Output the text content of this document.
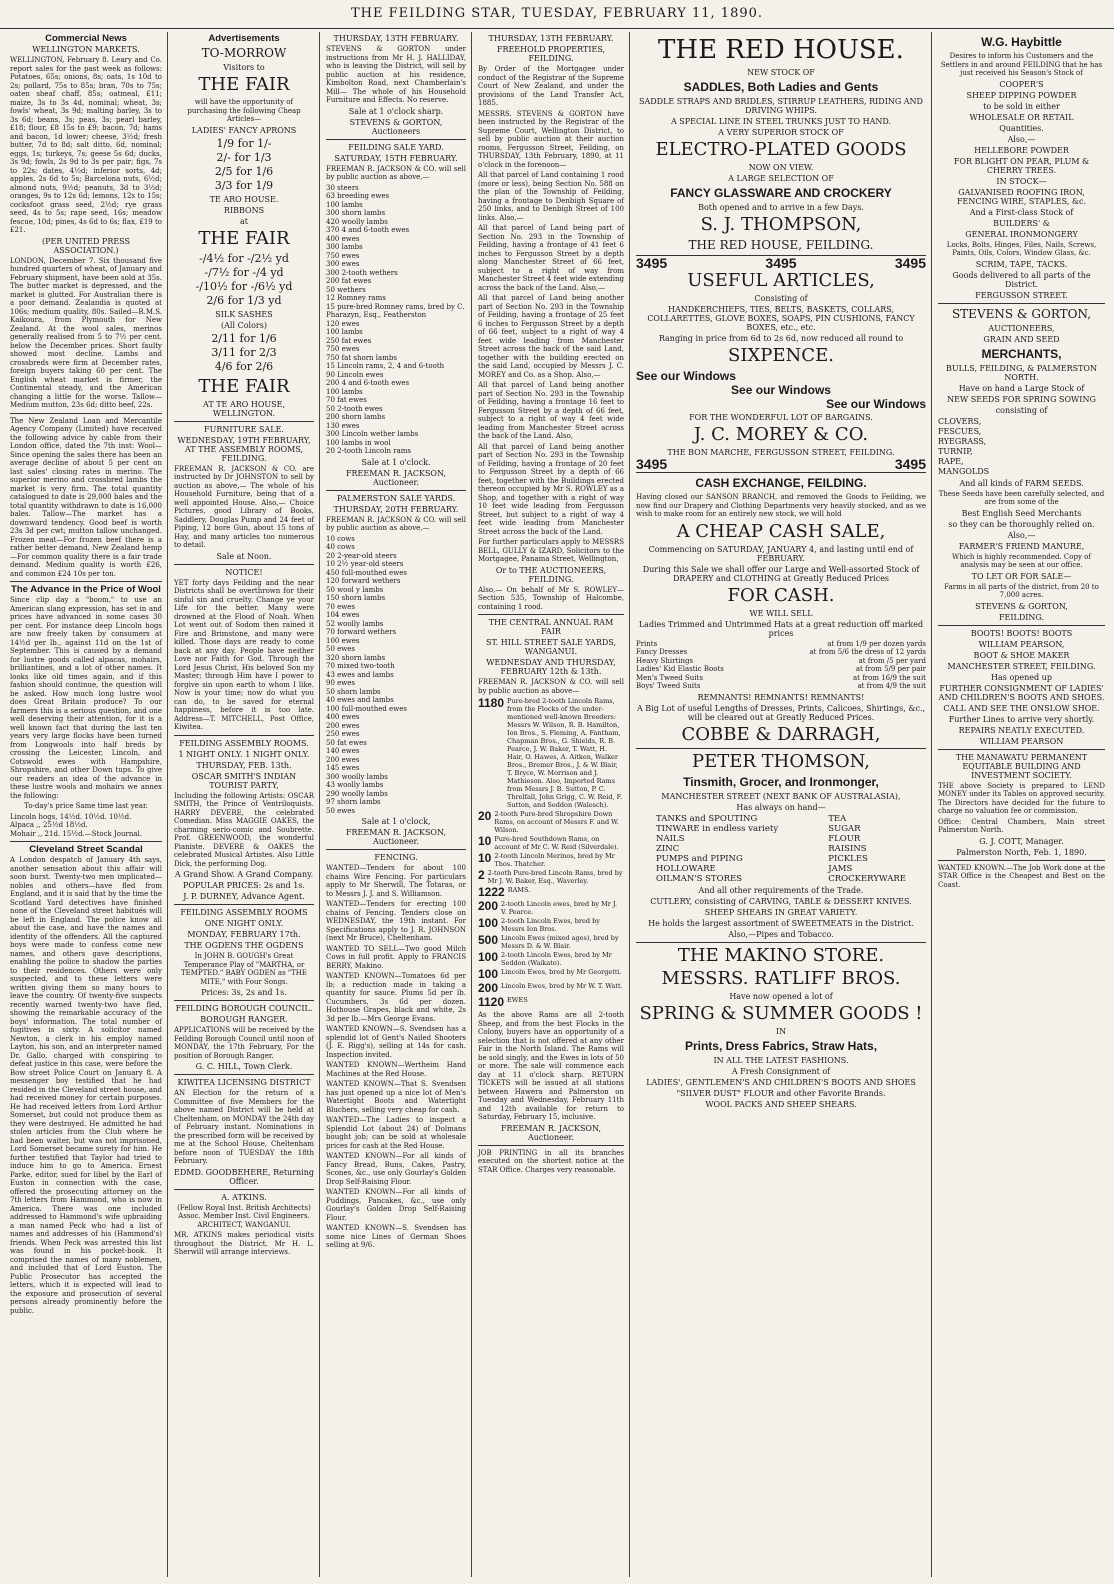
THE FEILDING STAR, TUESDAY, FEBRUARY 11, 1890.
Commercial News
WELLINGTON MARKETS.

WELLINGTON, February 8. Leary and Co. report sales for the past week as follows: Potatoes, 65s; onions, 8s; oats, 1s 10d to 2s; pollard, 75s to 85s; bran, 70s to 75s; oaten sheaf chaff, 85s; oatmeal, £11; maize, 3s to 3s 4d, nominal; wheat, 3s; fowls' wheat, 3s 9d; malting barley, 3s to 3s 6d; beans, 3s; peas, 3s; pearl barley, £18; flour, £8 15s to £9; bacon, 7d; hams and bacon, 1d lower; cheese, 3½d; fresh butter, 7d to 8d; salt ditto, 6d, nominal; eggs, 1s; turkeys, 7s; geese 5s 6d; ducks, 3s 9d; fowls, 2s 9d to 3s per pair; figs, 7s to 22s; dates, 4½d; inferior sorts, 4d; apples, 2s 6d to 5s; Barcelona nuts, 6½d; almond nuts, 9½d; peanuts, 3d to 3½d; oranges, 9s to 12s 6d; lemons, 12s to 15s; cocksfoot grass seed, 2½d; rye grass seed, 4s to 5s; rape seed, 16s; meadow fescue, 10d; pines, 4s 6d to 6s; flax, £19 to £21.

(PER UNITED PRESS ASSOCIATION.)

LONDON, December 7. Six thousand five hundred quarters of wheat, of January and February shipment, have been sold at 35s. The butter market is depressed, and the market is glutted. For Australian there is a poor demand. Zealandia is quoted at 106s; medium quality, 80s. Sailed—R.M.S. Kaikoura, from Plymouth for New Zealand. At the wool sales, merinos generally realised from 5 to 7½ per cent. below the December prices. Short faulty showed most decline. Lambs and crossbreds were firm at December rates, foreign buyers taking 60 per cent. The English wheat market is firmer, the Continental steady, and the American changing a little for the worse. Tallow—Medium mutton, 23s 6d; ditto beef, 22s.

The New Zealand Loan and Mercantile Agency Company (Limited) have received the following advice by cable from their London office, dated the 7th inst: Wool—Since opening the sales there has been an average decline of about 5 per cent on last sales' closing rates in merino. The superior merino and crossbred lambs the market is very firm. The total quantity catalogued to date is 29,000 bales and the total quantity withdrawn to date is 16,000 bales. Tallow—The market has a downward tendency. Good beef is worth 23s 3d per cwt; mutton tallow unchanged. Frozen meat—For frozen beef there is a rather better demand. New Zealand hemp—For common quality there is a fair trade demand. Medium quality is worth £26, and common £24 10s per ton.

The Advance in the Price of Wool

Since clip day a "boom," to use an American slang expression, has set in and prices have advanced in some cases 30 per cent. For instance deep Lincoln hogs are now freely taken by consumers at 14½d per lb., against 11d on the 1st of September. This is caused by a demand for lustre goods called alpacas, mohairs, brilliantines, and a lot of other names. It looks like old times again, and if this fashion should continue, the question will be asked. How much long lustre wool does Great Britain produce? To our farmers this is a serious question, and one well deserving their attention, for it is a well known fact that during the last ten years very large flocks have been turned from Longwools into half breds by crossing the Leicester, Lincoln, and Cotswold ewes with Hampshire, Shropshire, and other Down tups. To give our readers an idea of the advance in these lustre wools and mohairs we annex the following:

To-day's price Same time last year.
Lincoln hogs, 14½d. 10½d. 10½d.
Alpaca ,, 25½d 18½d.
Mohair ,, 21d. 15½d.—Stock Journal.
Cleveland Street Scandal

A London despatch of January 4th says, another sensation about this affair will soon burst. Twenty-two men implicated—nobles and others—have fled from England, and it is said that by the time the Scotland Yard detectives have finished none of the Cleveland street habitués will be left in England. The police know all about the case, and have the names and identity of the offenders. All the captured boys were made to confess come new names, and others gave descriptions, enabling the police to shadow the parties to their residences. Others were only suspected, and to these letters were written giving them so many hours to leave the country. Of twenty-five suspects recently warned twenty-two have fled, showing the remarkable accuracy of the boys' information. The total number of fugitives is sixty. A solicitor named Newton, a clerk in his employ named Layton, his son, and an interpreter named Dr. Gallo, charged with conspiring to defeat justice in this case, were before the Bow street Police Court on January 8. A messenger boy testified that he had resided in the Cleveland street house, and had received money for certain purposes. He had received letters from Lord Arthur Somerset, but could not produce them as they were destroyed. He admitted he had stolen articles from the Club where he had been waiter, but was not imprisoned, Lord Somerset became surety for him. He further testified that Taylor had tried to induce him to go to America. Ernest Parke, editor, sued for libel by the Earl of Euston in connection with the case, offered the prosecuting attorney on the 7th letters from Hammond, who is now in America. There was one included addressed to Hammond's wife upbraiding a man named Peck who had a list of names and addresses of his (Hammond's) friends. When Peck was arrested this list was found in his pocket-book. It comprised the names of many noblemen, and included that of Lord Euston. The Public Prosecutor has accepted the letters, which it is expected will lead to the exposure and prosecution of several persons already prominently before the public.

Advertisements
TO-MORROW
Visitors to
THE FAIR
will have the opportunity of purchasing the following Cheap Articles—
LADIES' FANCY APRONS
1/9 for 1/-
2/- for 1/3
2/5 for 1/6
3/3 for 1/9
TE ARO HOUSE.
RIBBONS
at
THE FAIR
-/4½ for -/2½ yd
-/7½ for -/4 yd
-/10½ for -/6½ yd
2/6 for 1/3 yd
SILK SASHES
(All Colors)
2/11 for 1/6
3/11 for 2/3
4/6 for 2/6
THE FAIR
AT TE ARO HOUSE, WELLINGTON.
FURNITURE SALE.
WEDNESDAY, 19TH FEBRUARY, AT THE ASSEMBLY ROOMS, FEILDING.

FREEMAN R. JACKSON & CO. are instructed by Dr JOHNSTON to sell by auction as above,— The whole of his Household Furniture, being that of a well appointed House. Also,— Choice Pictures, good Library of Books, Saddlery, Douglas Pump and 24 feet of Piping, 12 bore Gun, about 15 tons of Hay, and many articles too numerous to detail.

Sale at Noon.
NOTICE!

YET forty days Feilding and the near Districts shall be overthrown for their sinful sin and cruelty. Change ye your Life for the better. Many were drowned at the Flood of Noah. When Lot went out of Sodom then rained it Fire and Brimstone, and many were killed. Those days are ready to come back at any day. People have neither Love nor Faith for God. Through the Lord Jesus Christ, His beloved Son my Master; through Him have I power to forgive sin upon earth to whom I like. Now is your time; now do what you can do, to be saved for eternal happiness, before it is too late. Address—T. MITCHELL, Post Office, Kiwitea.

FEILDING ASSEMBLY ROOMS.
1 NIGHT ONLY. 1 NIGHT ONLY.
THURSDAY, FEB. 13th.
OSCAR SMITH'S INDIAN TOURIST PARTY,

Including the following Artists: OSCAR SMITH, the Prince of Ventriloquists. HARRY DEVERE, the celebrated Comedian. Miss MAGGIE OAKES, the charming serio-comic and Soubrette. Prof. GREENWOOD, the wonderful Pianiste. DEVERE & OAKES the celebrated Musical Artistes. Also Little Dick, the performing Dog.

A Grand Show. A Grand Company.
POPULAR PRICES: 2s and 1s.
J. P. DURNEY, Advance Agent.
FEILDING ASSEMBLY ROOMS
ONE NIGHT ONLY.
MONDAY, FEBRUARY 17th.
THE OGDENS THE OGDENS

In JOHN B. GOUGH's Great Temperance Play of "MARTHA, or TEMPTED." BABY OGDEN as "THE MITE," with Four Songs.

Prices: 3s, 2s and 1s.
FEILDING BOROUGH COUNCIL.
BOROUGH RANGER.

APPLICATIONS will be received by the Feilding Borough Council until noon of MONDAY, the 17th February, For the position of Borough Ranger.

G. C. HILL, Town Clerk.
KIWITEA LICENSING DISTRICT

AN Election for the return of a Committee of five Members for the above named District will be held at Cheltenham, on MONDAY the 24th day of February instant. Nominations in the prescribed form will be received by me at the School House, Cheltenham before noon of TUESDAY the 18th February.

EDMD. GOODBEHERE, Returning Officer.
A. ATKINS.
(Fellow Royal Inst. British Architects) Assoc. Member Inst. Civil Engineers. ARCHITECT, WANGANUI.

MR. ATKINS makes periodical visits throughout the District. Mr H. L. Sherwill will arrange interviews.

THURSDAY, 13TH FEBRUARY.

STEVENS & GORTON under instructions from Mr H. J. HALLIDAY, who is leaving the District, will sell by public auction at his residence, Kimbolton Road, next Chamberlain's Mill— The whole of his Household Furniture and Effects. No reserve.

Sale at 1 o'clock sharp.
STEVENS & GORTON, Auctioneers
FEILDING SALE YARD.
SATURDAY, 15TH FEBRUARY.

FREEMAN R. JACKSON & CO. will sell by public auction as above,—

30 steers
63 breeding ewes
100 lambs
300 shorn lambs
420 woolly lambs
370 4 and 6-tooth ewes
400 ewes
300 lambs
750 ewes
300 ewes
300 2-tooth wethers
200 fat ewes
50 wethers
12 Romney rams
15 pure-bred Romney rams, bred by C. Pharazyn, Esq., Featherston
120 ewes
100 lambs
250 fat ewes
750 ewes
750 fat shorn lambs
15 Lincoln rams, 2, 4 and 6-tooth
90 Lincoln ewes
200 4 and 6-tooth ewes
100 lambs
70 fat ewes
50 2-tooth ewes
200 shorn lambs
130 ewes
300 Lincoln wether lambs
100 lambs in wool
20 2-tooth Lincoln rams
Sale at 1 o'clock.
FREEMAN R. JACKSON, Auctioneer.
PALMERSTON SALE YARDS.
THURSDAY, 20TH FEBRUARY.

FREEMAN R. JACKSON & CO. will sell by public auction as above,—

10 cows
40 cows
20 2-year-old steers
10 2½ year-old steers
450 full-mouthed ewes
120 forward wethers
50 wool y lambs
150 shorn lambs
70 ewes
104 ewes
52 woolly lambs
70 forward wethers
100 ewes
50 ewes
320 shorn lambs
70 mixed two-tooth
43 ewes and lambs
90 ewes
50 shorn lambs
40 ewes and lambs
100 full-mouthed ewes
400 ewes
200 ewes
250 ewes
50 fat ewes
140 ewes
200 ewes
145 ewes
300 woolly lambs
43 woolly lambs
290 woolly lambs
97 shorn lambs
50 ewes
Sale at 1 o'clock,
FREEMAN R. JACKSON, Auctioneer.
FENCING.
WANTED—Tenders for about 100 chains Wire Fencing. For particulars apply to Mr Sherwill, The Totaras, or to Messrs J. J. and S. Williamson.
WANTED—Tenders for erecting 100 chains of Fencing. Tenders close on WEDNESDAY, the 19th instant. For Specifications apply to J. R. JOHNSON (next Mr Bruce), Cheltenham.
WANTED TO SELL—Two good Milch Cows in full profit. Apply to FRANCIS BERRY, Makino.
WANTED KNOWN—Tomatoes 6d per lb; a reduction made in taking a quantity for sauce. Plums 5d per lb. Cucumbers, 3s 6d per dozen. Hothouse Grapes, black and white, 2s 3d per lb.—Mrs George Evans.
WANTED KNOWN—S. Svendsen has a splendid lot of Gent's Nailed Shooters (J. E. Rigg's), selling at 14s for cash. Inspection invited.
WANTED KNOWN—Wertheim Hand Machines at the Red House.
WANTED KNOWN—That S. Svendsen has just opened up a nice lot of Men's Watertight Boots and Watertight Bluchers, selling very cheap for cash.
WANTED—The Ladies to inspect a Splendid Lot (about 24) of Dolmans bought job; can be sold at wholesale prices for cash at the Red House.
WANTED KNOWN—For all kinds of Fancy Bread, Buns, Cakes, Pastry, Scones, &c., use only Gourlay's Golden Drop Self-Raising Flour.
WANTED KNOWN—For all kinds of Puddings, Pancakes, &c., use only Gourlay's Golden Drop Self-Raising Flour.
WANTED KNOWN—S. Svendsen has some nice Lines of German Shoes selling at 9/6.
THURSDAY, 13TH FEBRUARY.
FREEHOLD PROPERTIES, FEILDING.

By Order of the Mortgagee under conduct of the Registrar of the Supreme Court of New Zealand, and under the provisions of the Land Transfer Act, 1885.

MESSRS. STEVENS & GORTON have been instructed by the Registrar of the Supreme Court, Wellington District, to sell by public auction at their auction rooms, Fergusson Street, Feilding, on THURSDAY, 13th February, 1890, at 11 o'clock in the forenoon—

All that parcel of Land containing 1 rood (more or less), being Section No. 588 on the plan of the Township of Feilding, having a frontage to Denbigh Square of 250 links, and to Denbigh Street of 100 links. Also,—
All that parcel of Land being part of Section No. 293 in the Township of Feilding, having a frontage of 41 feet 6 inches to Fergusson Street by a depth along Manchester Street of 66 feet, subject to a right of way from Manchester Street 4 feet wide extending across the back of the Land. Also,—
All that parcel of Land being another part of Section No. 293 in the Township of Feilding, having a frontage of 25 feet 6 inches to Fergusson Street by a depth of 66 feet, subject to a right of way 4 feet wide leading from Manchester Street across the back of the said Land, together with the building erected on the said Land, occupied by Messrs J. C. MOREY and Co. as a Shop. Also,—
All that parcel of Land being another part of Section No. 293 in the Township of Feilding, having a frontage 16 feet to Fergusson Street by a depth of 66 feet, subject to a right of way 4 feet wide leading from Manchester Street across the back of the Land. Also,
All that parcel of Land being another part of Section No. 293 in the Township of Feilding, having a frontage of 20 feet to Fergusson Street by a depth of 66 feet, together with the Buildings erected thereon occupied by Mr S. ROWLEY as a Shop, and together with a right of way 10 feet wide leading from Fergusson Street, but subject to a right of way 4 feet wide leading from Manchester Street across the back of the Land.

For further particulars apply to MESSRS BELL, GULLY & IZARD, Solicitors to the Mortgagee, Panama Street, Wellington,

Or to THE AUCTIONEERS, FEILDING.

Also,— On behalf of Mr S. ROWLEY— Section 535, Township of Halcombe, containing 1 rood.

THE CENTRAL ANNUAL RAM FAIR
ST. HILL STREET SALE YARDS, WANGANUI.
WEDNESDAY AND THURSDAY, FEBRUARY 12th & 13th.

FREEMAN R. JACKSON & CO. will sell by public auction as above—

1180 Pure-bred 2-tooth Lincoln Rams, from the Flocks of the under-mentioned well-known Breeders: Messrs W. Wilson, R. B. Hamilton, Ion Bros., S. Fleming, A. Fantham, Chapman Bros., G. Shields, R. B. Pearce, J. W. Baker, T. Watt, H. Hair, O. Hawes, A. Aitken, Walker Bros., Bremer Bros., J. & W. Blair, T. Bryce, W. Morrison and J. Mathieson. Also, Imported Rams from Messrs J. B. Sutton, P. C. Threlfall, John Grigg, C. W. Reid, F. Sutton, and Seddon (Walesch).
20 2-tooth Pure-bred Shropshire Down Rams, on account of Messrs F. and W. Wilson.
10 Pure-bred Southdown Rams, on account of Mr C. W. Reid (Silverdale).
10 2-tooth Lincoln Merinos, bred by Mr Thos. Thatcher.
2 2-tooth Pure-bred Lincoln Rams, bred by Mr J. W. Baker, Esq., Waverley.
1222 RAMS.
200 2-tooth Lincoln ewes, bred by Mr J. V. Pearce.
100 2-tooth Lincoln Ewes, bred by Messrs Ion Bros.
500 Lincoln Ewes (mixed ages), bred by Messrs D. & W. Blair.
100 2-tooth Lincoln Ewes, bred by Mr Seddon (Waikato).
100 Lincoln Ewes, bred by Mr Georgetti.
200 Lincoln Ewes, bred by Mr W. T. Watt.
1120 EWES

As the above Rams are all 2-tooth Sheep, and from the best Flocks in the Colony, buyers have an opportunity of a selection that is not offered at any other Fair in the North Island. The Rams will be sold singly, and the Ewes in lots of 50 or more. The sale will commence each day at 11 o'clock sharp. RETURN TICKETS will be issued at all stations between Hawera and Palmerston on Tuesday and Wednesday, February 11th and 12th available for return to Saturday, February 15, inclusive.

FREEMAN R. JACKSON, Auctioneer.

JOB PRINTING in all its branches executed on the shortest notice at the STAR Office. Charges very reasonable.

THE RED HOUSE.
NEW STOCK OF
SADDLES, Both Ladies and Gents
SADDLE STRAPS AND BRIDLES, STIRRUP LEATHERS, RIDING AND DRIVING WHIPS.
A SPECIAL LINE IN STEEL TRUNKS JUST TO HAND.
A VERY SUPERIOR STOCK OF
ELECTRO-PLATED GOODS
NOW ON VIEW.
A LARGE SELECTION OF
FANCY GLASSWARE AND CROCKERY
Both opened and to arrive in a few Days.
S. J. THOMPSON,
THE RED HOUSE, FEILDING.
3495	3495	3495
USEFUL ARTICLES,
Consisting of
HANDKERCHIEFS, TIES, BELTS, BASKETS, COLLARS, COLLARETTES, GLOVE BOXES, SOAPS, PIN CUSHIONS, FANCY BOXES, etc., etc.
Ranging in price from 6d to 2s 6d, now reduced all round to
SIXPENCE.
See our Windows
See our Windows
See our Windows
FOR THE WONDERFUL LOT OF BARGAINS.
J. C. MOREY & CO.
THE BON MARCHE, FERGUSSON STREET, FEILDING.
3495	3495
CASH EXCHANGE, FEILDING.

Having closed our SANSON BRANCH, and removed the Goods to Feilding, we now find our Drapery and Clothing Departments very heavily stocked, and as we wish to make room for an entirely new stock, we will hold

A CHEAP CASH SALE,
Commencing on SATURDAY, JANUARY 4, and lasting until end of FEBRUARY.
During this Sale we shall offer our Large and Well-assorted Stock of DRAPERY and CLOTHING at Greatly Reduced Prices
FOR CASH.
WE WILL SELL
Ladies Trimmed and Untrimmed Hats at a great reduction off marked prices
Prints	at from 1/9 per dozen yards
Fancy Dresses	at from 5/6 the dress of 12 yards
Heavy Shirtings	at from /5 per yard
Ladies' Kid Elastic Boots	at from 5/9 per pair
Men's Tweed Suits	at from 16/9 the suit
Boys' Tweed Suits	at from 4/9 the suit
REMNANTS! REMNANTS! REMNANTS!
A Big Lot of useful Lengths of Dresses, Prints, Calicoes, Shirtings, &c., will be cleared out at Greatly Reduced Prices.
COBBE & DARRAGH,
PETER THOMSON,
Tinsmith, Grocer, and Ironmonger,
MANCHESTER STREET (NEXT BANK OF AUSTRALASIA),
Has always on hand—
TANKS and SPOUTING
TINWARE in endless variety
NAILS
ZINC
PUMPS and PIPING
HOLLOWARE
OILMAN'S STORES
TEA
SUGAR
FLOUR
RAISINS
PICKLES
JAMS
CROCKERYWARE
And all other requirements of the Trade.
CUTLERY, consisting of CARVING, TABLE & DESSERT KNIVES.
SHEEP SHEARS IN GREAT VARIETY.
He holds the largest assortment of SWEETMEATS in the District.
Also,—Pipes and Tobacco.
THE MAKINO STORE.
MESSRS. RATLIFF BROS.
Have now opened a lot of
SPRING & SUMMER GOODS !
IN
Prints, Dress Fabrics, Straw Hats,
IN ALL THE LATEST FASHIONS.
A Fresh Consignment of
LADIES', GENTLEMEN'S AND CHILDREN'S BOOTS AND SHOES
"SILVER DUST" FLOUR and other Favorite Brands.
WOOL PACKS AND SHEEP SHEARS.
W.G. Haybittle
Desires to inform his Customers and the Settlers in and around FEILDING that he has just received his Season's Stock of
COOPER'S
SHEEP DIPPING POWDER
to be sold in either
WHOLESALE OR RETAIL
Quantities.
Also,—
HELLEBORE POWDER
FOR BLIGHT ON PEAR, PLUM & CHERRY TREES.
IN STOCK—
GALVANISED ROOFING IRON, FENCING WIRE, STAPLES, &c.
And a First-class Stock of
BUILDERS' &
GENERAL IRONMONGERY
Locks, Bolts, Hinges, Files, Nails, Screws, Paints, Oils, Colors, Window Glass, &c.
SCRIM, TAPE, TACKS.
Goods delivered to all parts of the District.
FERGUSSON STREET.
STEVENS & GORTON,
AUCTIONEERS,
GRAIN AND SEED
MERCHANTS,
BULLS, FEILDING, & PALMERSTON NORTH.
Have on hand a Large Stock of
NEW SEEDS FOR SPRING SOWING
consisting of
CLOVERS,
FESCUES,
RYEGRASS,
TURNIP,
RAPE,
MANGOLDS
And all kinds of FARM SEEDS.
These Seeds have been carefully selected, and are from some of the
Best English Seed Merchants
so they can be thoroughly relied on.
Also,—
FARMER'S FRIEND MANURE,
Which is highly recommended. Copy of analysis may be seen at our office.
TO LET OR FOR SALE—
Farms in all parts of the district, from 20 to 7,000 acres.
STEVENS & GORTON,
FEILDING.
BOOTS! BOOTS! BOOTS
WILLIAM PEARSON,
BOOT & SHOE MAKER
MANCHESTER STREET, FEILDING.
Has opened up
FURTHER CONSIGNMENT OF LADIES' AND CHILDREN'S BOOTS AND SHOES.
CALL AND SEE THE ONSLOW SHOE.
Further Lines to arrive very shortly.
REPAIRS NEATLY EXECUTED.
WILLIAM PEARSON
THE MANAWATU PERMANENT EQUITABLE BUILDING AND INVESTMENT SOCIETY.

THE above Society is prepared to LEND MONEY under its Tables on approved security. The Directors have decided for the future to charge no valuation fee or commission.

Office: Central Chambers, Main street Palmerston North.

G. J. COTT, Manager.
Palmerston North, Feb. 1, 1890.

WANTED KNOWN.—The Job Work done at the STAR Office is the Cheapest and Best on the Coast.
